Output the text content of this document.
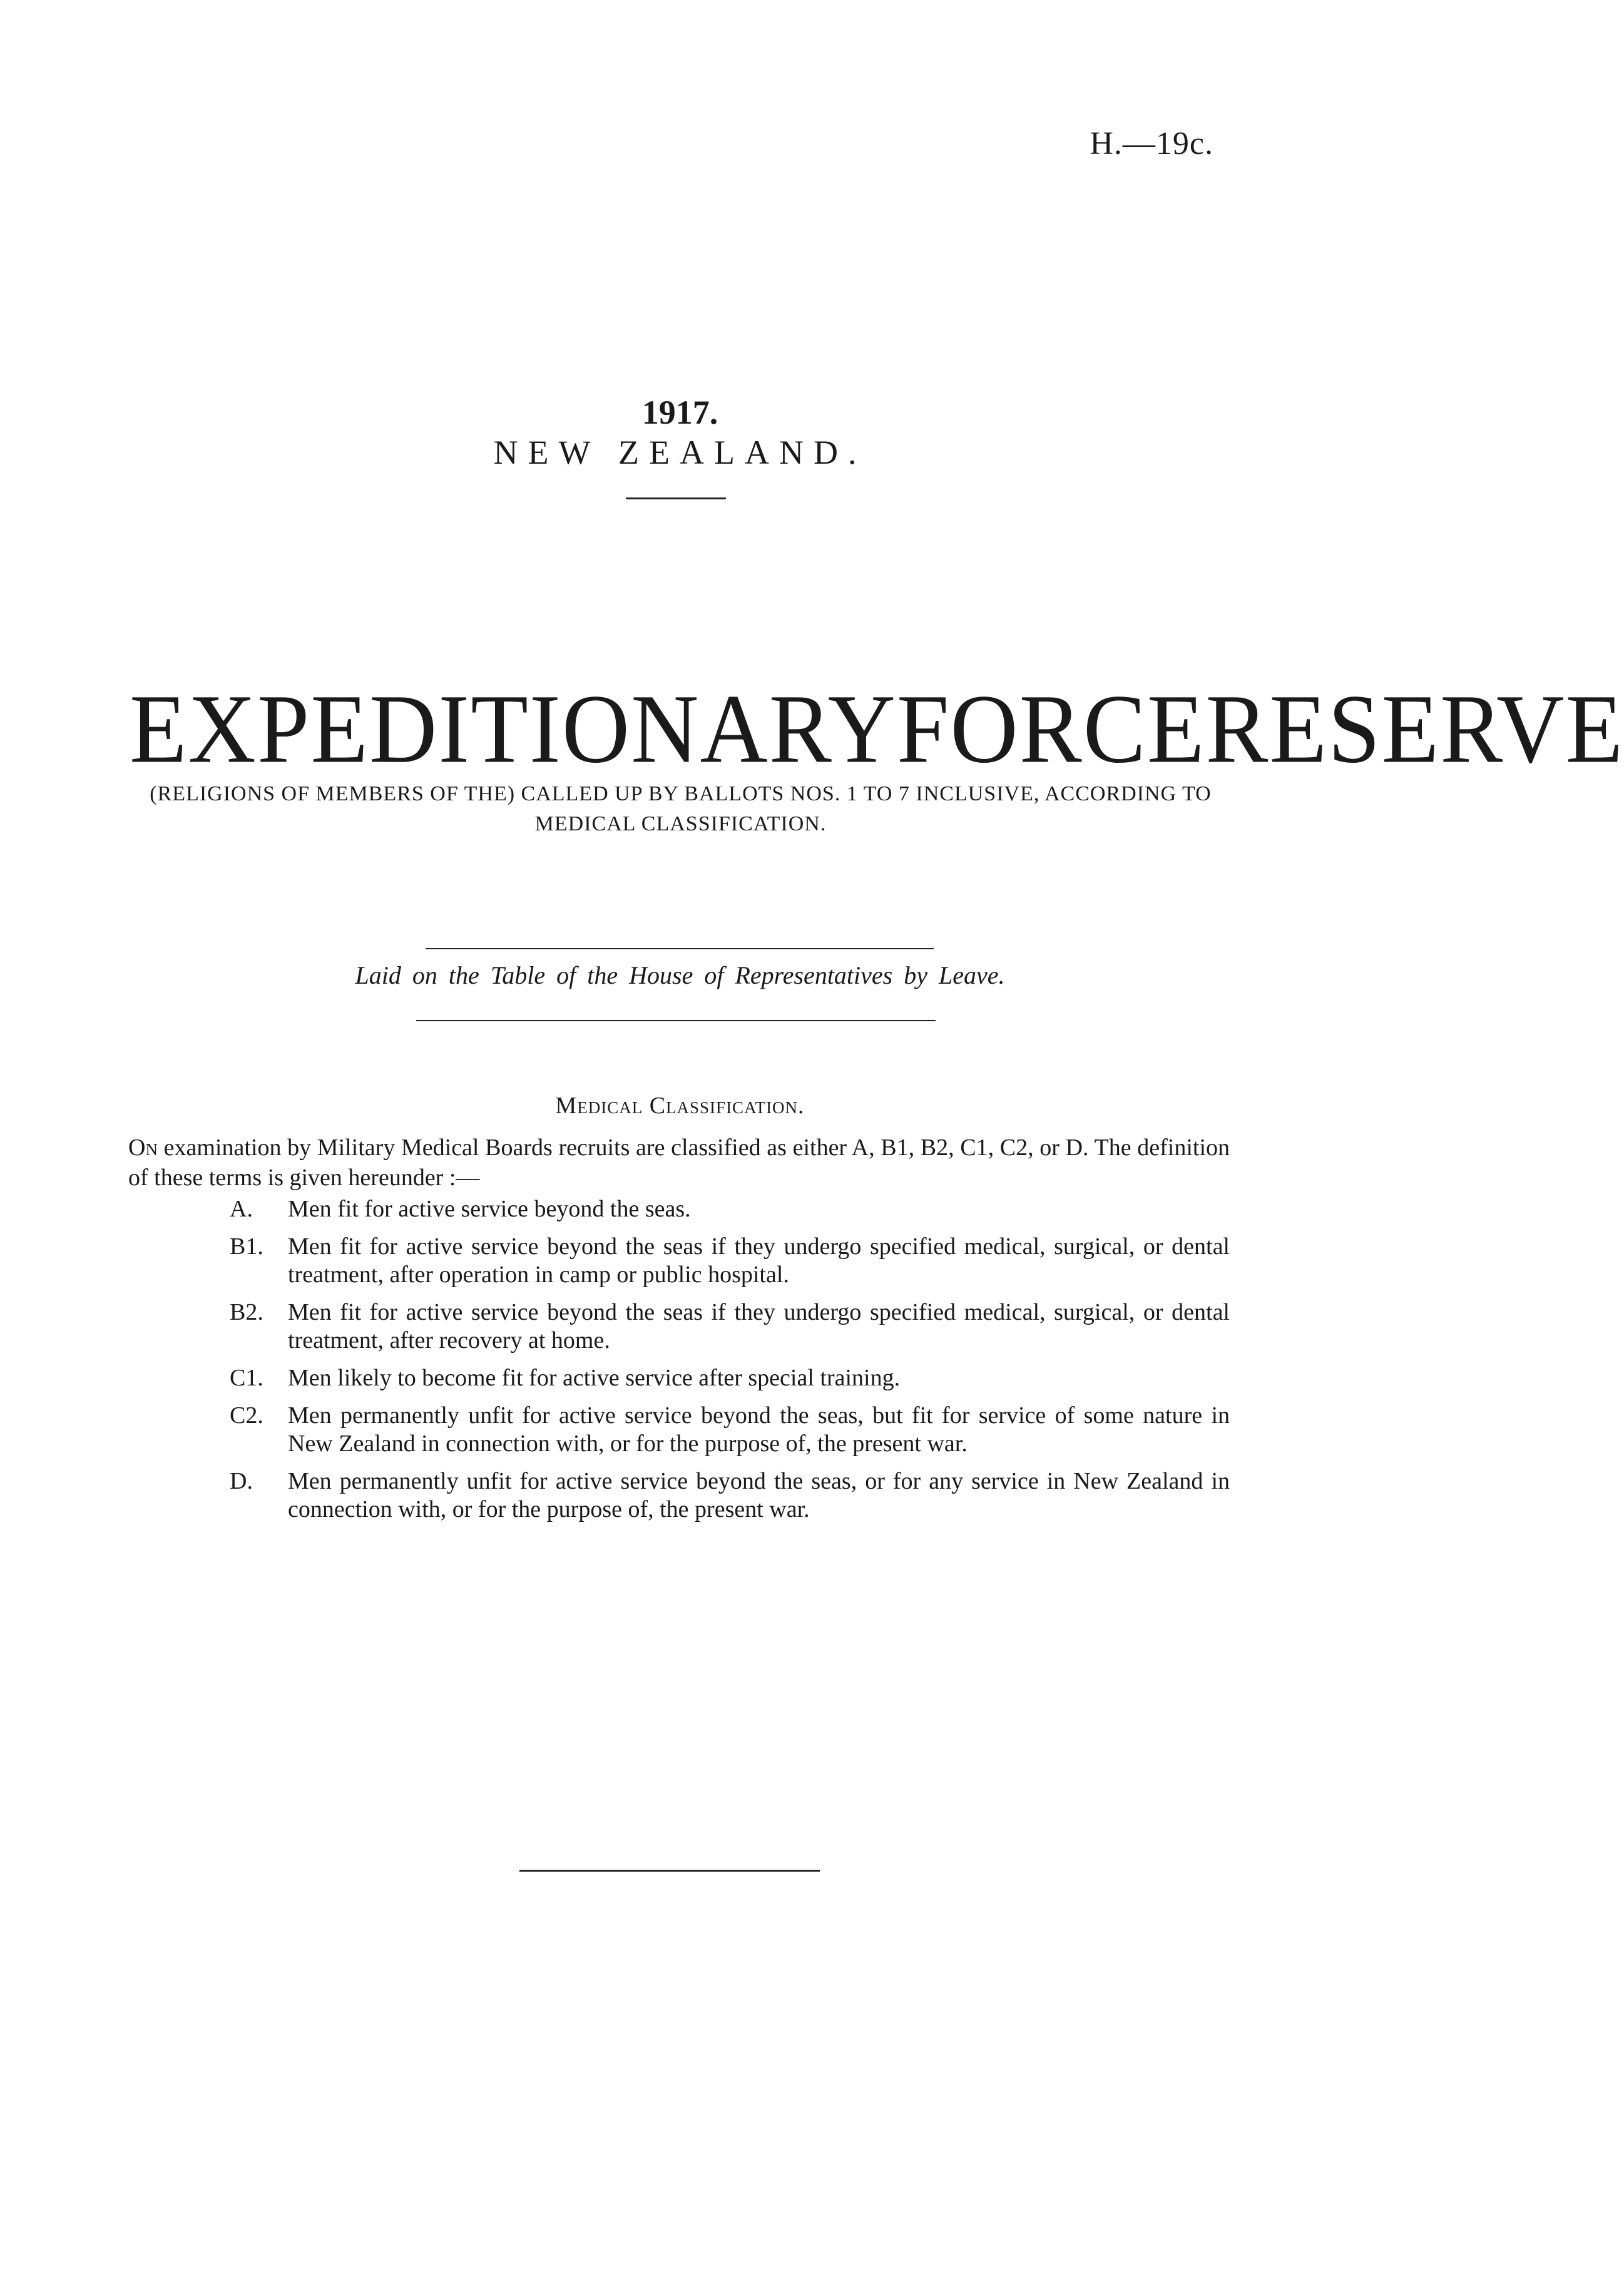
H.—19c.
1917.
NEW ZEALAND.
EXPEDITIONARY FORCE RESERVE
(RELIGIONS OF MEMBERS OF THE) CALLED UP BY BALLOTS NOS. 1 TO 7 INCLUSIVE, ACCORDING TO MEDICAL CLASSIFICATION.
Laid on the Table of the House of Representatives by Leave.
Medical Classification.
On examination by Military Medical Boards recruits are classified as either A, B1, B2, C1, C2, or D. The definition of these terms is given hereunder :—
A. Men fit for active service beyond the seas.
B1. Men fit for active service beyond the seas if they undergo specified medical, surgical, or dental treatment, after operation in camp or public hospital.
B2. Men fit for active service beyond the seas if they undergo specified medical, surgical, or dental treatment, after recovery at home.
C1. Men likely to become fit for active service after special training.
C2. Men permanently unfit for active service beyond the seas, but fit for service of some nature in New Zealand in connection with, or for the purpose of, the present war.
D. Men permanently unfit for active service beyond the seas, or for any service in New Zealand in connection with, or for the purpose of, the present war.
